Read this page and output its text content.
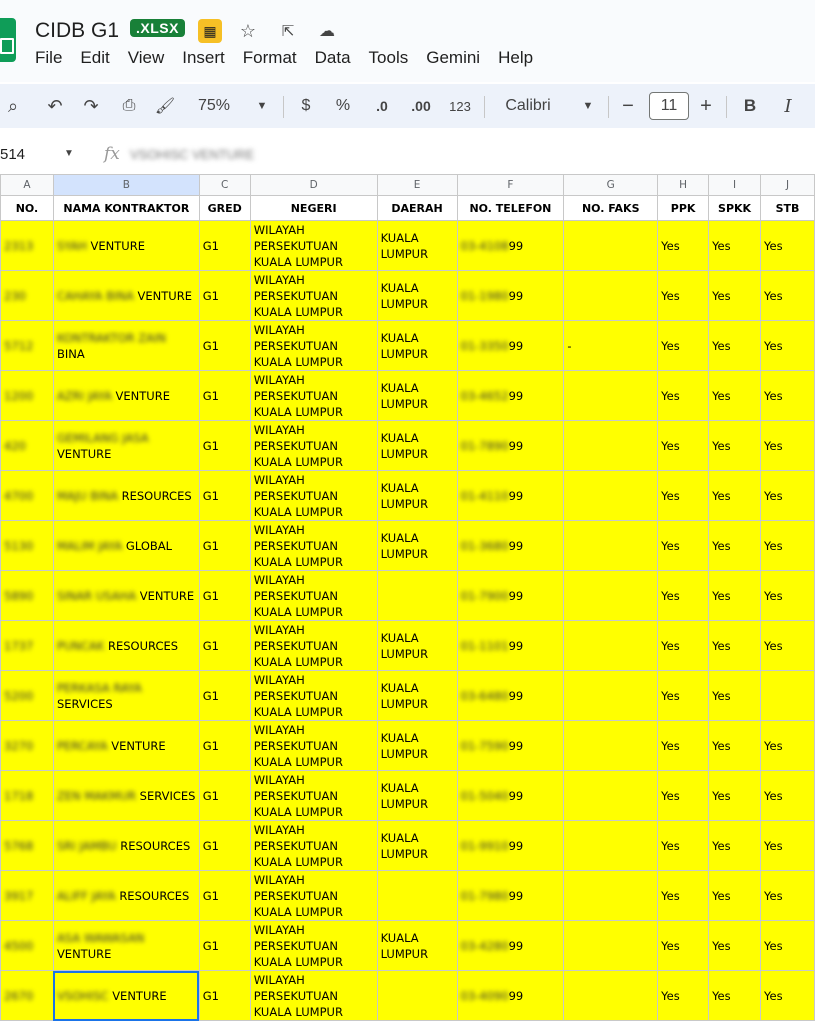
CIDB G1	.XLSX	▦ ☆	⇱	☁
File Edit View Insert Format Data Tools Gemini Help
⌕	↶ ↷ ⎙ 🖌︎	75%	▼	$	%	.0	.00	123	Calibri	▼ −	11	+ B	I
514	▼ fx VSOHISC VENTURE
A	B	C	D	E	F	G	H	I	J
NO.	NAMA KONTRAKTOR	GRED	NEGERI	DAERAH	NO. TELEFON	NO. FAKS	PPK	SPKK	STB
2313	SYAH VENTURE	G1	WILAYAH PERSEKUTUAN KUALA LUMPUR	KUALA LUMPUR	03-410899		Yes	Yes	Yes
230	CAHAYA BINA VENTURE	G1	WILAYAH PERSEKUTUAN KUALA LUMPUR	KUALA LUMPUR	01-198099		Yes	Yes	Yes
5712	KONTRAKTOR ZAIN BINA	G1	WILAYAH PERSEKUTUAN KUALA LUMPUR	KUALA LUMPUR	01-335099	-	Yes	Yes	Yes
1200	AZRI JAYA VENTURE	G1	WILAYAH PERSEKUTUAN KUALA LUMPUR	KUALA LUMPUR	03-465299		Yes	Yes	Yes
420	GEMILANG JASA VENTURE	G1	WILAYAH PERSEKUTUAN KUALA LUMPUR	KUALA LUMPUR	01-789099		Yes	Yes	Yes
4700	MAJU BINA RESOURCES	G1	WILAYAH PERSEKUTUAN KUALA LUMPUR	KUALA LUMPUR	01-411099		Yes	Yes	Yes
5130	MALIM JAYA GLOBAL	G1	WILAYAH PERSEKUTUAN KUALA LUMPUR	KUALA LUMPUR	01-368099		Yes	Yes	Yes
5890	SINAR USAHA VENTURE	G1	WILAYAH PERSEKUTUAN KUALA LUMPUR		01-790099		Yes	Yes	Yes
1737	PUNCAK RESOURCES	G1	WILAYAH PERSEKUTUAN KUALA LUMPUR	KUALA LUMPUR	01-110199		Yes	Yes	Yes
5200	PERKASA RAYA SERVICES	G1	WILAYAH PERSEKUTUAN KUALA LUMPUR	KUALA LUMPUR	03-648099		Yes	Yes	
3270	PERCAYA VENTURE	G1	WILAYAH PERSEKUTUAN KUALA LUMPUR	KUALA LUMPUR	01-759099		Yes	Yes	Yes
1718	ZEN MAKMUR SERVICES	G1	WILAYAH PERSEKUTUAN KUALA LUMPUR	KUALA LUMPUR	01-504099		Yes	Yes	Yes
5768	SRI JAMBU RESOURCES	G1	WILAYAH PERSEKUTUAN KUALA LUMPUR	KUALA LUMPUR	01-991099		Yes	Yes	Yes
3917	ALIFF JAYA RESOURCES	G1	WILAYAH PERSEKUTUAN KUALA LUMPUR		01-798099		Yes	Yes	Yes
4500	ASA WAWASAN VENTURE	G1	WILAYAH PERSEKUTUAN KUALA LUMPUR	KUALA LUMPUR	03-428099		Yes	Yes	Yes
2670	VSOHISC VENTURE	G1	WILAYAH PERSEKUTUAN KUALA LUMPUR		03-409099		Yes	Yes	Yes
